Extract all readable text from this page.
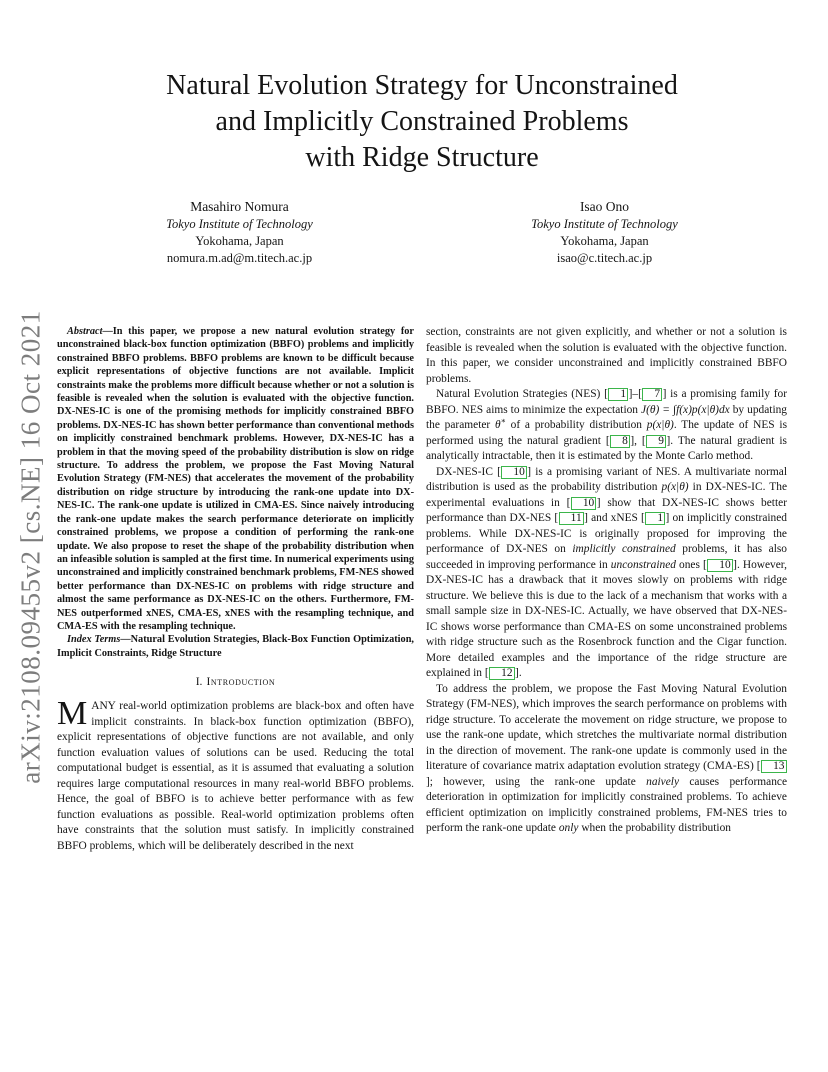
arXiv:2108.09455v2 [cs.NE] 16 Oct 2021
Natural Evolution Strategy for Unconstrained
and Implicitly Constrained Problems
with Ridge Structure
Masahiro Nomura
Tokyo Institute of Technology
Yokohama, Japan
nomura.m.ad@m.titech.ac.jp
Isao Ono
Tokyo Institute of Technology
Yokohama, Japan
isao@c.titech.ac.jp

Abstract—In this paper, we propose a new natural evolution strategy for unconstrained black-box function optimization (BBFO) problems and implicitly constrained BBFO problems. BBFO problems are known to be difficult because explicit representations of objective functions are not available. Implicit constraints make the problems more difficult because whether or not a solution is feasible is revealed when the solution is evaluated with the objective function. DX-NES-IC is one of the promising methods for implicitly constrained BBFO problems. DX-NES-IC has shown better performance than conventional methods on implicitly constrained benchmark problems. However, DX-NES-IC has a problem in that the moving speed of the probability distribution is slow on ridge structure. To address the problem, we propose the Fast Moving Natural Evolution Strategy (FM-NES) that accelerates the movement of the probability distribution on ridge structure by introducing the rank-one update into DX-NES-IC. The rank-one update is utilized in CMA-ES. Since naively introducing the rank-one update makes the search performance deteriorate on implicitly constrained problems, we propose a condition of performing the rank-one update. We also propose to reset the shape of the probability distribution when an infeasible solution is sampled at the first time. In numerical experiments using unconstrained and implicitly constrained benchmark problems, FM-NES showed better performance than DX-NES-IC on problems with ridge structure and almost the same performance as DX-NES-IC on the others. Furthermore, FM-NES outperformed xNES, CMA-ES, xNES with the resampling technique, and CMA-ES with the resampling technique.

Index Terms—Natural Evolution Strategies, Black-Box Function Optimization, Implicit Constraints, Ridge Structure

I. Introduction

MANY real-world optimization problems are black-box and often have implicit constraints. In black-box function optimization (BBFO), explicit representations of objective functions are not available, and only function evaluation values of solutions can be used. Reducing the total computational budget is essential, as it is assumed that evaluating a solution requires large computational resources in many real-world BBFO problems. Hence, the goal of BBFO is to achieve better performance with as few function evaluations as possible. Real-world optimization problems often have constraints that the solution must satisfy. In implicitly constrained BBFO problems, which will be deliberately described in the next

section, constraints are not given explicitly, and whether or not a solution is feasible is revealed when the solution is evaluated with the objective function. In this paper, we consider unconstrained and implicitly constrained BBFO problems.

Natural Evolution Strategies (NES) [ 1 ]–[ 7 ] is a promising family for BBFO. NES aims to minimize the expectation J(θ) = ∫f(x)p(x|θ)dx by updating the parameter θ∗ of a probability distribution p(x|θ). The update of NES is performed using the natural gradient [ 8 ], [ 9 ]. The natural gradient is analytically intractable, then it is estimated by the Monte Carlo method.

DX-NES-IC [ 10 ] is a promising variant of NES. A multivariate normal distribution is used as the probability distribution p(x|θ) in DX-NES-IC. The experimental evaluations in [ 10 ] show that DX-NES-IC shows better performance than DX-NES [ 11 ] and xNES [ 1 ] on implicitly constrained problems. While DX-NES-IC is originally proposed for improving the performance of DX-NES on implicitly constrained problems, it has also succeeded in improving performance in unconstrained ones [ 10 ]. However, DX-NES-IC has a drawback that it moves slowly on problems with ridge structure. We believe this is due to the lack of a mechanism that works with a small sample size in DX-NES-IC. Actually, we have observed that DX-NES-IC shows worse performance than CMA-ES on some unconstrained problems with ridge structure such as the Rosenbrock function and the Cigar function. More detailed examples and the importance of the ridge structure are explained in [ 12 ].

To address the problem, we propose the Fast Moving Natural Evolution Strategy (FM-NES), which improves the search performance on problems with ridge structure. To accelerate the movement on ridge structure, we propose to use the rank-one update, which stretches the multivariate normal distribution in the direction of movement. The rank-one update is commonly used in the literature of covariance matrix adaptation evolution strategy (CMA-ES) [ 13]; however, using the rank-one update naively causes performance deterioration in optimization for implicitly constrained problems. To achieve efficient optimization on implicitly constrained problems, FM-NES tries to perform the rank-one update only when the probability distribution
